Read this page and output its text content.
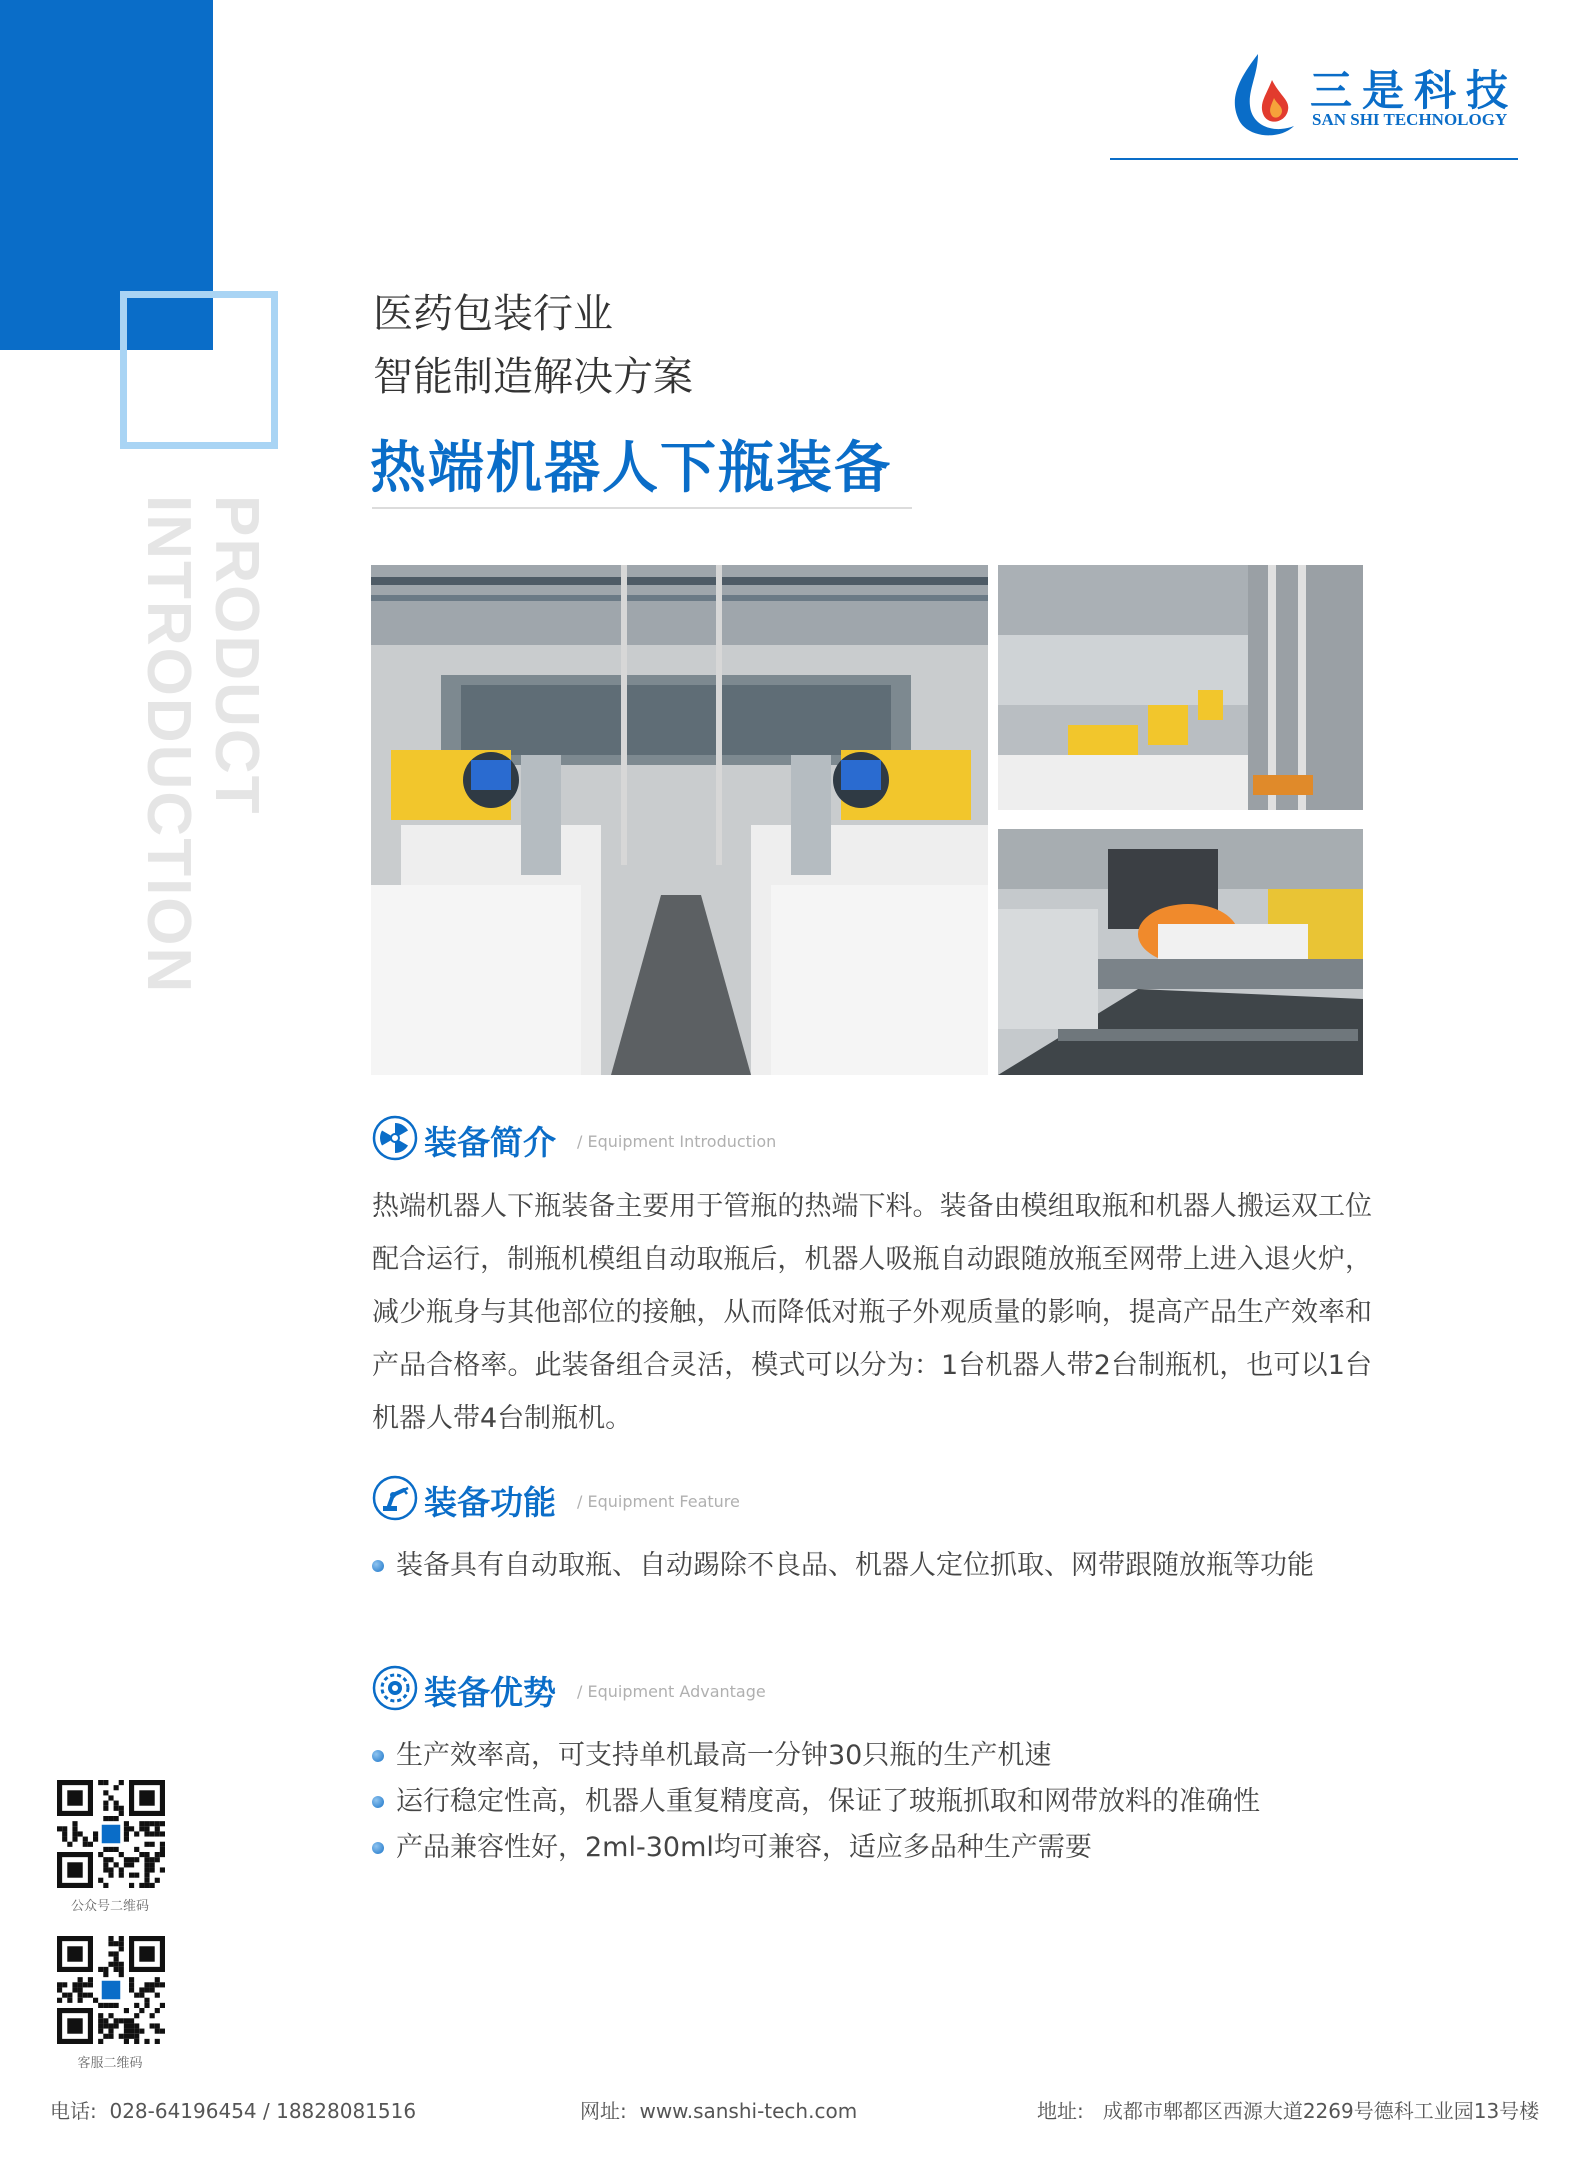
PRODUCT
INTRODUCTION
三是科技
SAN SHI TECHNOLOGY
医药包装行业
智能制造解决方案
热端机器人下瓶装备
装备简介 / Equipment Introduction
热端机器人下瓶装备主要用于管瓶的热端下料。装备由模组取瓶和机器人搬运双工位配合运行，制瓶机模组自动取瓶后，机器人吸瓶自动跟随放瓶至网带上进入退火炉，减少瓶身与其他部位的接触，从而降低对瓶子外观质量的影响，提高产品生产效率和产品合格率。此装备组合灵活，模式可以分为：1台机器人带2台制瓶机，也可以1台机器人带4台制瓶机。
装备功能 / Equipment Feature
装备具有自动取瓶、自动踢除不良品、机器人定位抓取、网带跟随放瓶等功能
装备优势 / Equipment Advantage
生产效率高，可支持单机最高一分钟30只瓶的生产机速
运行稳定性高，机器人重复精度高，保证了玻瓶抓取和网带放料的准确性
产品兼容性好，2ml-30ml均可兼容，适应多品种生产需要
公众号二维码
客服二维码
电话: 028-64196454 / 18828081516	网址: www.sanshi-tech.com	地址: 成都市郫都区西源大道2269号德科工业园13号楼
